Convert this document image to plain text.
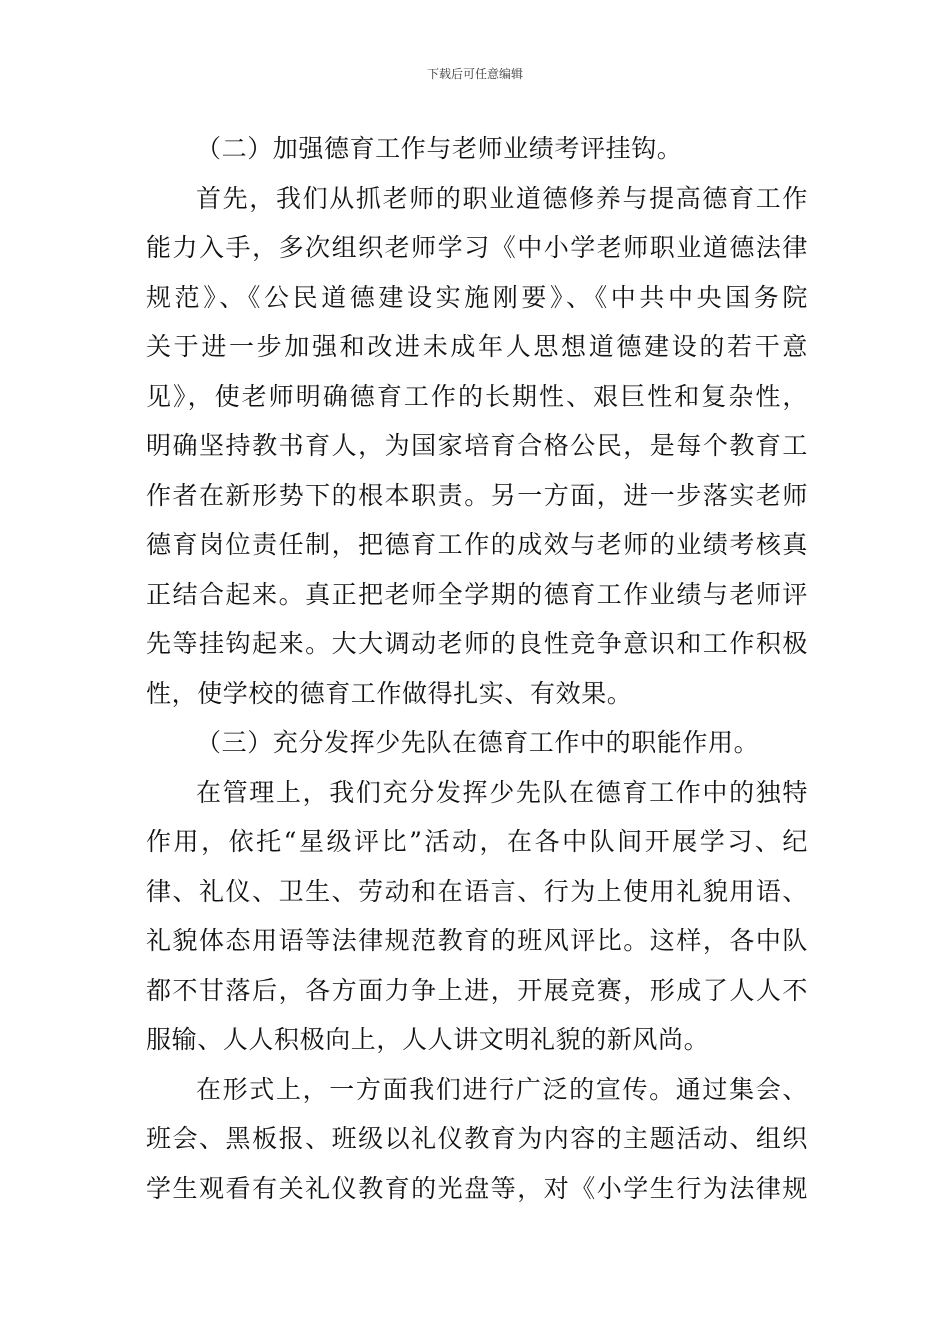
下载后可任意编辑
（二）加强德育工作与老师业绩考评挂钩。
首先，我们从抓老师的职业道德修养与提高德育工作
能力入手，多次组织老师学习《中小学老师职业道德法律
规范》、《公民道德建设实施刚要》、《中共中央国务院
关于进一步加强和改进未成年人思想道德建设的若干意
见》，使老师明确德育工作的长期性、艰巨性和复杂性，
明确坚持教书育人，为国家培育合格公民，是每个教育工
作者在新形势下的根本职责。另一方面，进一步落实老师
德育岗位责任制，把德育工作的成效与老师的业绩考核真
正结合起来。真正把老师全学期的德育工作业绩与老师评
先等挂钩起来。大大调动老师的良性竞争意识和工作积极
性，使学校的德育工作做得扎实、有效果。
（三）充分发挥少先队在德育工作中的职能作用。
在管理上，我们充分发挥少先队在德育工作中的独特
作用，依托“星级评比”活动，在各中队间开展学习、纪
律、礼仪、卫生、劳动和在语言、行为上使用礼貌用语、
礼貌体态用语等法律规范教育的班风评比。这样，各中队
都不甘落后，各方面力争上进，开展竞赛，形成了人人不
服输、人人积极向上，人人讲文明礼貌的新风尚。
在形式上，一方面我们进行广泛的宣传。通过集会、
班会、黑板报、班级以礼仪教育为内容的主题活动、组织
学生观看有关礼仪教育的光盘等，对《小学生行为法律规
